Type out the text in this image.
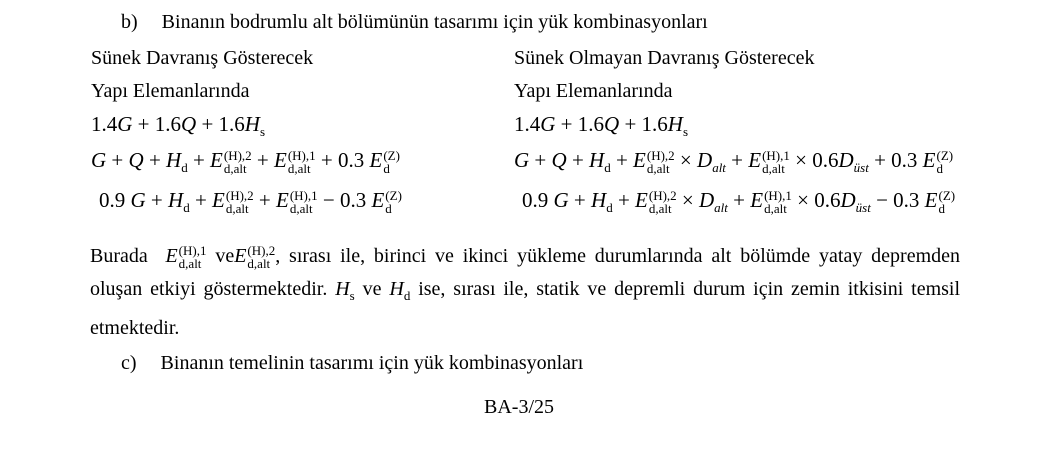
b) Binanın bodrumlu alt bölümünün tasarımı için yük kombinasyonları
Sünek Davranış Gösterecek
Yapı Elemanlarında
Sünek Olmayan Davranış Gösterecek
Yapı Elemanlarında
$1.4G + 1.6Q + 1.6H_s$
$G + Q + H_d + E$ (H),2
d,alt + E (H),1
d,alt + 0.3 E (Z)
d
0.9 $G + H_d + E$ (H),2
d,alt + E (H),1
d,alt − 0.3 E (Z)
d
$1.4G + 1.6Q + 1.6H_s$
$G + Q + H_d + E$ (H),2
$d,alt \times D_{alt} + E$ (H),1
$d,alt \times 0.6D_{üst} + 0.3$ E (Z)
d
0.9 $G + H_d + E$ (H),2
$d,alt \times D_{alt} + E$ (H),1
$d,alt \times 0.6D_{üst} - 0.3$ E (Z)
d
Burada E (H),1
d,alt veE (H),2
d,alt , sırası ile, birinci ve ikinci yükleme durumlarında alt bölümde yatay depremden oluşan etkiyi göstermektedir. $H_s$ ve $H_d$ ise, sırası ile, statik ve depremli durum için zemin itkisini temsil etmektedir.
c) Binanın temelinin tasarımı için yük kombinasyonları
BA-3/25
